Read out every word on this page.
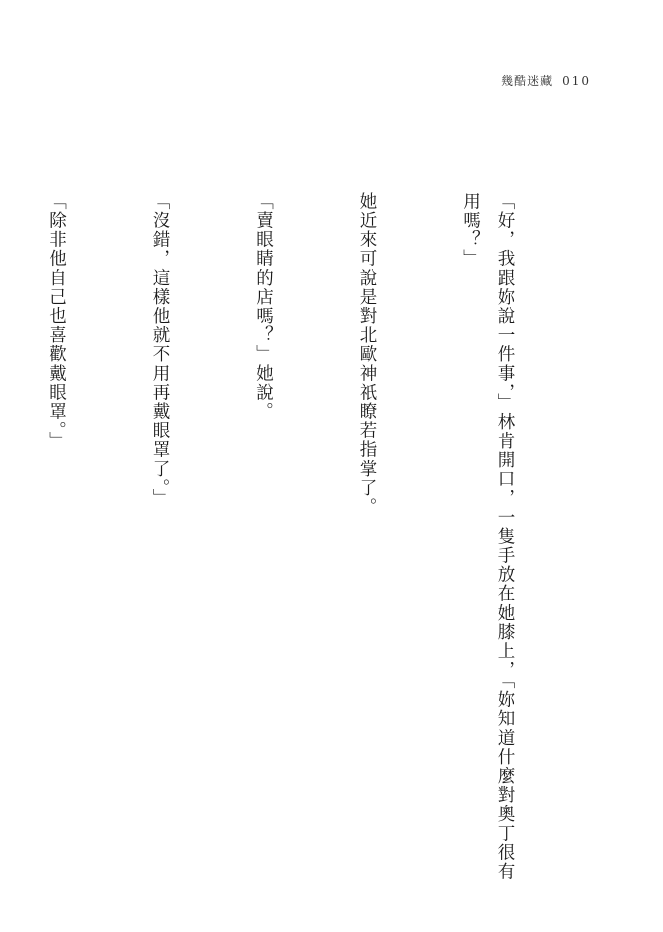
幾酷迷藏 010

「好，我跟妳說一件事，」林肯開口，一隻手放在她膝上，「妳知道什麼對奧丁很有用嗎？」

她近來可說是對北歐神祇瞭若指掌了。

「賣眼睛的店嗎？」她說。

「沒錯，這樣他就不用再戴眼罩了。」

「除非他自己也喜歡戴眼罩。」
